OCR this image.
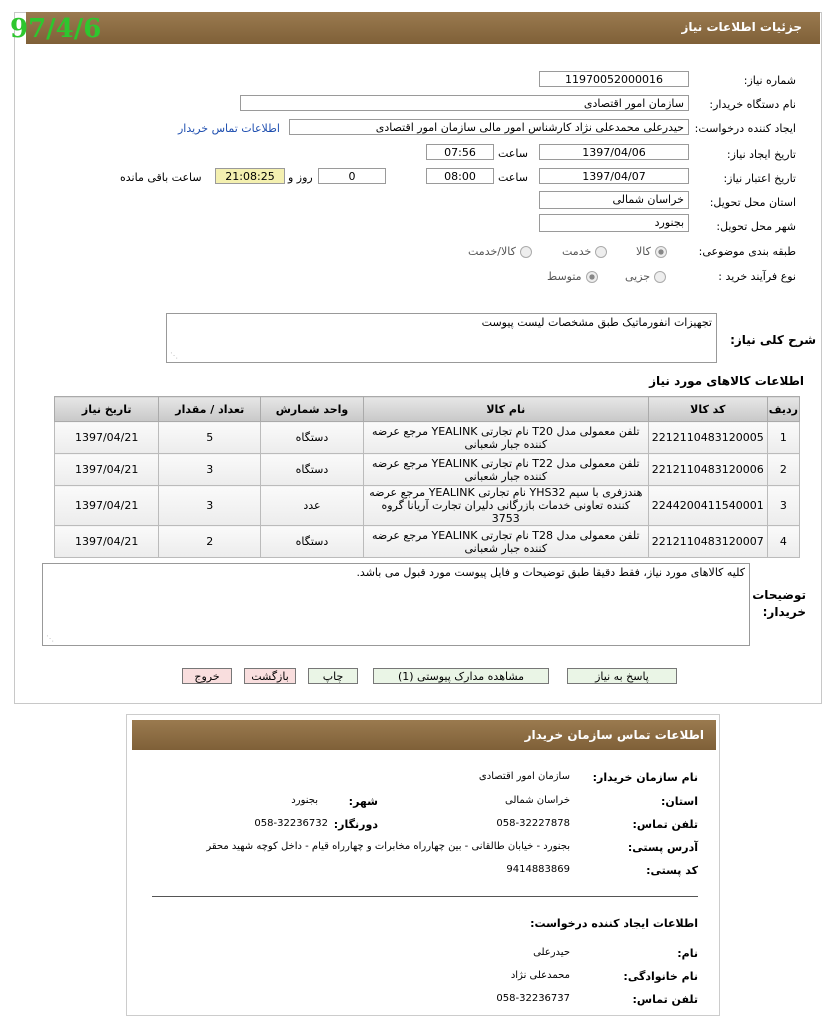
جزئیات اطلاعات نیاز
97/4/6
شماره نیاز:
11970052000016
نام دستگاه خریدار:
سازمان امور اقتصادی
ایجاد کننده درخواست:
حیدرعلی محمدعلی نژاد کارشناس امور مالی سازمان امور اقتصادی
اطلاعات تماس خریدار
تاریخ ایجاد نیاز:
1397/04/06
ساعت
07:56
تاریخ اعتبار نیاز:
1397/04/07
ساعت
08:00
0
روز و
21:08:25
ساعت باقی مانده
استان محل تحویل:
خراسان شمالی
شهر محل تحویل:
بجنورد
طبقه بندی موضوعی:
کالا
خدمت
کالا/خدمت
نوع فرآیند خرید :
جزیی
متوسط
شرح کلی نیاز:
تجهیزات انفورماتیک طبق مشخصات لیست پیوست
⋰
اطلاعات کالاهای مورد نیاز
ردیف	کد کالا	نام کالا	واحد شمارش	تعداد / مقدار	تاریخ نیاز
1	2212110483120005	تلفن معمولی مدل T20 نام تجارتی YEALINK مرجع عرضه کننده جبار شعبانی	دستگاه	5	1397/04/21
2	2212110483120006	تلفن معمولی مدل T22 نام تجارتی YEALINK مرجع عرضه کننده جبار شعبانی	دستگاه	3	1397/04/21
3	2244200411540001	هندزفری با سیم YHS32 نام تجارتی YEALINK مرجع عرضه کننده تعاونی خدمات بازرگانی دلیران تجارت آریانا گروه 3753	عدد	3	1397/04/21
4	2212110483120007	تلفن معمولی مدل T28 نام تجارتی YEALINK مرجع عرضه کننده جبار شعبانی	دستگاه	2	1397/04/21
توضیحات
خریدار:
کلیه کالاهای مورد نیاز، فقط دقیقا طبق توضیحات و فایل پیوست مورد قبول می باشد.
⋰
پاسخ به نیاز
مشاهده مدارک پیوستی (1)
چاپ
بازگشت
خروج
اطلاعات تماس سازمان خریدار
نام سازمان خریدار:
سازمان امور اقتصادی
استان:
خراسان شمالی
شهر:
بجنورد
تلفن تماس:
058-32227878
دورنگار:
058-32236732
آدرس پستی:
بجنورد - خیابان طالقانی - بین چهارراه مخابرات و چهارراه قیام - داخل کوچه شهید محقر
کد پستی:
9414883869
اطلاعات ایجاد کننده درخواست:
نام:
حیدرعلی
نام خانوادگی:
محمدعلی نژاد
تلفن تماس:
058-32236737
